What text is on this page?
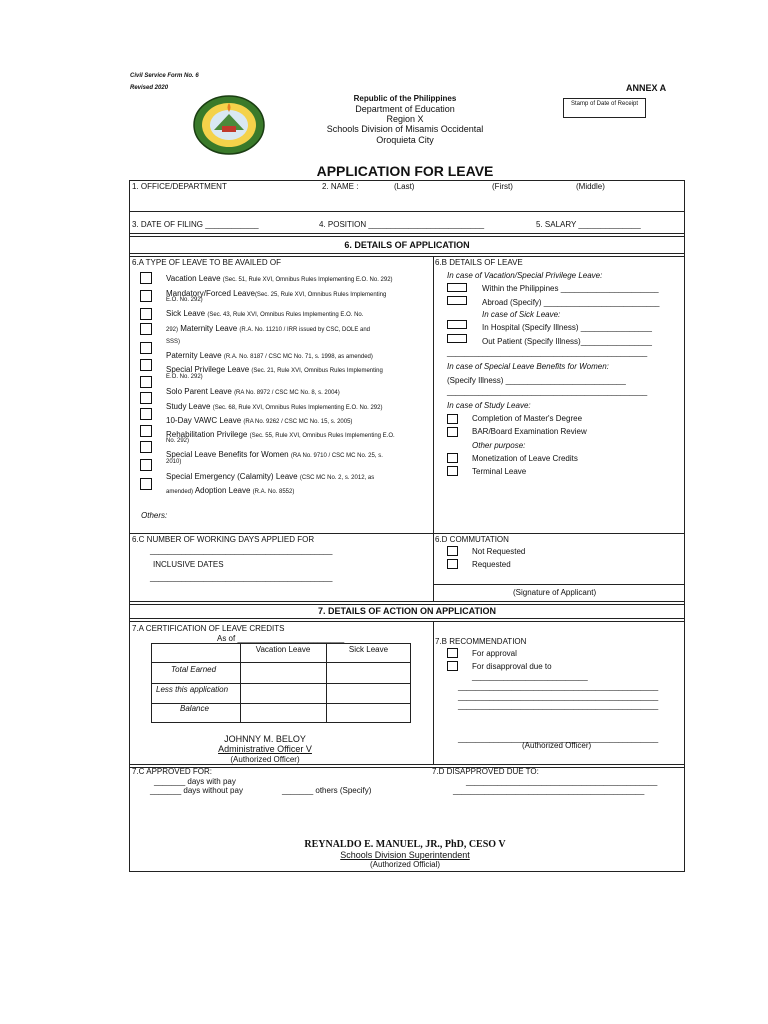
Civil Service Form No. 6
Revised 2020	ANNEX A
Republic of the Philippines
Department of Education
Region X
Schools Division of Misamis Occidental
Oroquieta City
Stamp of Date of Receipt
APPLICATION FOR LEAVE
1. OFFICE/DEPARTMENT	2. NAME :	(Last)	(First)	(Middle)
3. DATE OF FILING ____________	4. POSITION __________________________	5. SALARY ______________
6. DETAILS OF APPLICATION
6.A TYPE OF LEAVE TO BE AVAILED OF
Vacation Leave (Sec. 51, Rule XVI, Omnibus Rules Implementing E.O. No. 292)
Mandatory/Forced Leave(Sec. 25, Rule XVI, Omnibus Rules Implementing
E.O. No. 292)
Sick Leave (Sec. 43, Rule XVI, Omnibus Rules Implementing E.O. No.
292) Maternity Leave (R.A. No. 11210 / IRR issued by CSC, DOLE and
SSS)
Paternity Leave (R.A. No. 8187 / CSC MC No. 71, s. 1998, as amended)
Special Privilege Leave (Sec. 21, Rule XVI, Omnibus Rules Implementing
E.O. No. 292)
Solo Parent Leave (RA No. 8972 / CSC MC No. 8, s. 2004)
Study Leave (Sec. 68, Rule XVI, Omnibus Rules Implementing E.O. No. 292)
10-Day VAWC Leave (RA No. 9262 / CSC MC No. 15, s. 2005)
Rehabilitation Privilege (Sec. 55, Rule XVI, Omnibus Rules Implementing E.O.
No. 292)
Special Leave Benefits for Women (RA No. 9710 / CSC MC No. 25, s.
2010)
Special Emergency (Calamity) Leave (CSC MC No. 2, s. 2012, as
amended) Adoption Leave (R.A. No. 8552)
Others:
6.B DETAILS OF LEAVE
In case of Vacation/Special Privilege Leave:
Within the Philippines ______________________
Abroad (Specify) __________________________
In case of Sick Leave:
In Hospital (Specify Illness) ________________
Out Patient (Specify Illness)________________
_____________________________________________
In case of Special Leave Benefits for Women:
(Specify Illness) ___________________________
_____________________________________________
In case of Study Leave:
Completion of Master's Degree
BAR/Board Examination Review
Other purpose:
Monetization of Leave Credits
Terminal Leave
6.C NUMBER OF WORKING DAYS APPLIED FOR
_________________________________________
INCLUSIVE DATES
_________________________________________
6.D COMMUTATION
Not Requested
Requested
(Signature of Applicant)
7. DETAILS OF ACTION ON APPLICATION
7.A CERTIFICATION OF LEAVE CREDITS
As of ________________________
Vacation Leave	Sick Leave
Total Earned
Less this application
Balance
JOHNNY M. BELOY
Administrative Officer V
(Authorized Officer)
7.B RECOMMENDATION
For approval
For disapproval due to
__________________________
_____________________________________________
_____________________________________________
_____________________________________________
_____________________________________________
(Authorized Officer)
7.C APPROVED FOR:
_______ days with pay
_______ days without pay	_______ others (Specify)
7.D DISAPPROVED DUE TO:
___________________________________________
___________________________________________
REYNALDO E. MANUEL, JR., PhD, CESO V
Schools Division Superintendent
(Authorized Official)
